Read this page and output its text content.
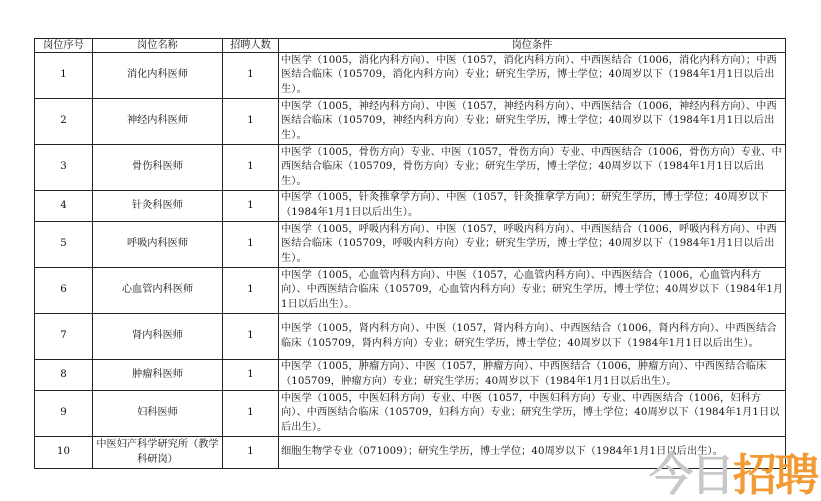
岗位序号	岗位名称	招聘人数	岗位条件
1	消化内科医师	1	中医学（1005，消化内科方向）、中医（1057，消化内科方向）、中西医结合（1006，消化内科方向）；中西医结合临床（105709，消化内科方向）专业；研究生学历，博士学位；40周岁以下（1984年1月1日以后出生）。
2	神经内科医师	1	中医学（1005，神经内科方向）、中医（1057，神经内科方向）、中西医结合（1006，神经内科方向）、中西医结合临床（105709，神经内科方向）专业；研究生学历，博士学位；40周岁以下（1984年1月1日以后出生）。
3	骨伤科医师	1	中医学（1005，骨伤方向）专业、中医（1057，骨伤方向）专业、中西医结合（1006，骨伤方向）专业、中西医结合临床（105709，骨伤方向）专业；研究生学历，博士学位；40周岁以下（1984年1月1日以后出生）。
4	针灸科医师	1	中医学（1005，针灸推拿学方向）、中医（1057，针灸推拿学方向）；研究生学历，博士学位；40周岁以下（1984年1月1日以后出生）。
5	呼吸内科医师	1	中医学（1005，呼吸内科方向）、中医（1057，呼吸内科方向）、中西医结合（1006，呼吸内科方向）、中西医结合临床（105709，呼吸内科方向）专业；研究生学历，博士学位；40周岁以下（1984年1月1日以后出生）。
6	心血管内科医师	1	中医学（1005，心血管内科方向）、中医（1057，心血管内科方向）、中西医结合（1006，心血管内科方向）、中西医结合临床（105709，心血管内科方向）专业；研究生学历，博士学位；40周岁以下（1984年1月1日以后出生）。
7	肾内科医师	1	中医学（1005，肾内科方向）、中医（1057，肾内科方向）、中西医结合（1006，肾内科方向）、中西医结合临床（105709，肾内科方向）专业；研究生学历，博士学位；40周岁以下（1984年1月1日以后出生）。
8	肿瘤科医师	1	中医学（1005，肿瘤方向）、中医（1057，肿瘤方向）、中西医结合（1006，肿瘤方向）、中西医结合临床（105709，肿瘤方向）专业；研究生学历；40周岁以下（1984年1月1日以后出生）。
9	妇科医师	1	中医学（1005，中医妇科方向）专业、中医（1057，中医妇科方向）专业、中西医结合（1006，妇科方向）、中西医结合临床（105709，妇科方向）专业；研究生学历，博士学位；40周岁以下（1984年1月1日以后出生）。
10	中医妇产科学研究所（教学科研岗）	1	细胞生物学专业（071009）；研究生学历，博士学位；40周岁以下（1984年1月1日以后出生）。
今日 招聘
